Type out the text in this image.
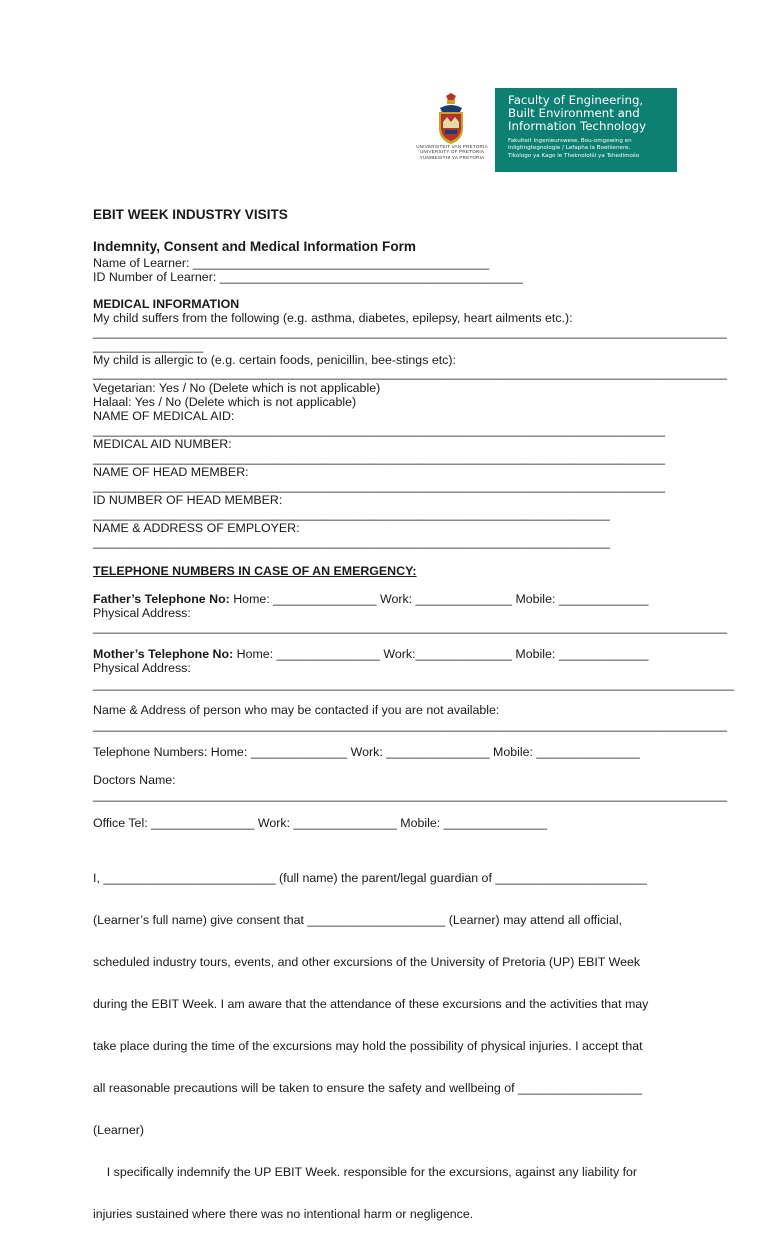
UNIVERSITEIT VAN PRETORIA
UNIVERSITY OF PRETORIA
YUNIBESITHI YA PRETORIA
Faculty of Engineering,
Built Environment and
Information Technology
Fakulteit Ingenieurswese, Bou-omgewing en
Inligtingtegnologie / Lefapha la Boetšenere,
Tikologo ya Kago le Theknolotši ya Tshedimošo
EBIT WEEK INDUSTRY VISITS
Indemnity, Consent and Medical Information Form
Name of Learner: ___________________________________________
ID Number of Learner: ____________________________________________
MEDICAL INFORMATION
My child suffers from the following (e.g. asthma, diabetes, epilepsy, heart ailments etc.):
____________________________________________________________________________________________
________________
My child is allergic to (e.g. certain foods, penicillin, bee-stings etc):
____________________________________________________________________________________________
Vegetarian: Yes / No (Delete which is not applicable)
Halaal: Yes / No (Delete which is not applicable)
NAME OF MEDICAL AID:
___________________________________________________________________________________
MEDICAL AID NUMBER:
___________________________________________________________________________________
NAME OF HEAD MEMBER:
___________________________________________________________________________________
ID NUMBER OF HEAD MEMBER:
___________________________________________________________________________
NAME & ADDRESS OF EMPLOYER:
___________________________________________________________________________
TELEPHONE NUMBERS IN CASE OF AN EMERGENCY:
Father’s Telephone No: Home: _______________ Work: ______________ Mobile: _____________
Physical Address:
____________________________________________________________________________________________
Mother’s Telephone No: Home: _______________ Work:______________ Mobile: _____________
Physical Address:
_____________________________________________________________________________________________
Name & Address of person who may be contacted if you are not available:
____________________________________________________________________________________________
Telephone Numbers: Home: ______________ Work: _______________ Mobile: _______________
Doctors Name:
____________________________________________________________________________________________
Office Tel: _______________ Work: _______________ Mobile: _______________

I, _________________________ (full name) the parent/legal guardian of ______________________

(Learner’s full name) give consent that ____________________ (Learner) may attend all official,

scheduled industry tours, events, and other excursions of the University of Pretoria (UP) EBIT Week

during the EBIT Week. I am aware that the attendance of these excursions and the activities that may

take place during the time of the excursions may hold the possibility of physical injuries. I accept that

all reasonable precautions will be taken to ensure the safety and wellbeing of __________________

(Learner)

I specifically indemnify the UP EBIT Week. responsible for the excursions, against any liability for

injuries sustained where there was no intentional harm or negligence.
